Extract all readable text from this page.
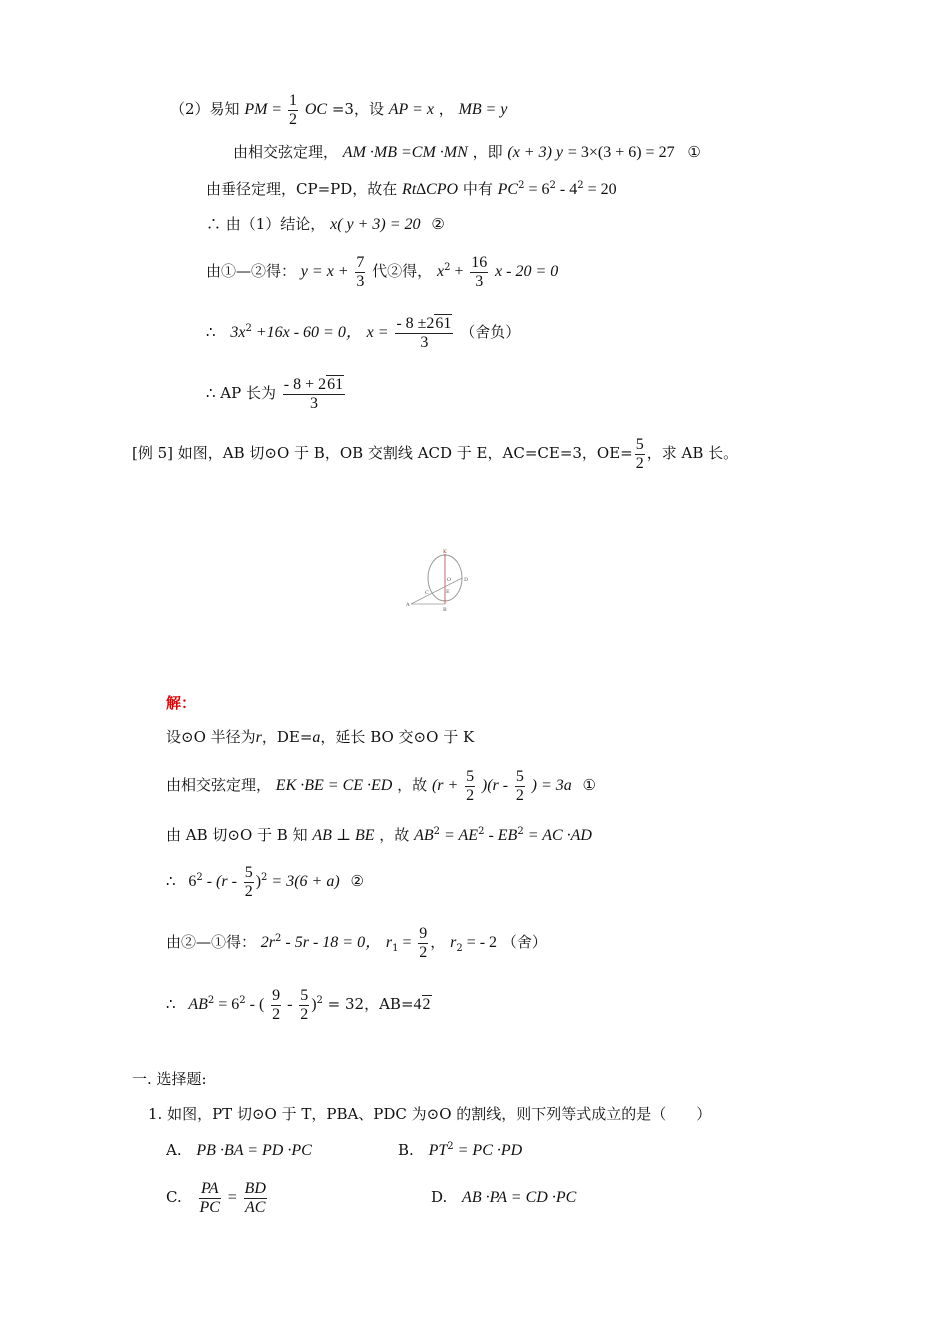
（2）易知 PM = $\frac{1}{2}$ OC =3，设 AP = x ， MB = y
由相交弦定理， AM ·MB =CM ·MN ，即 (x + 3) y = 3×(3 + 6) = 27 ①
由垂径定理，CP=PD，故在 Rt∆CPO 中有 $PC^2 = 6^2 - 4^2 = 20$
∴ 由（1）结论， x( y + 3) = 20 ②
由①—②得： $y = x + \frac{7}{3}$ 代②得， $x^2 + \frac{16}{3}$ x - 20 = 0
∴ $3x^2 +16x - 60 = 0$， $x = \frac{- 8 \pm 261}{3}$ （舍负）
∴ AP 长为 $\frac{- 8 + 261}{3}$
[例 5] 如图，AB 切⊙O 于 B，OB 交割线 ACD 于 E，AC=CE=3，$OE= \frac{5}{2}$ ，求 AB 长。
K
O	D
C	E
A
B
解：
设⊙O 半径为r，DE=a，延长 BO 交⊙O 于 K
由相交弦定理， EK ·BE = CE ·ED ，故 $(r + \frac{5}{2} )(r - \frac{5}{2}$ ) = 3a ①
由 AB 切⊙O 于 B 知 AB ⊥ BE ，故 $AB^2 = AE^2 - EB^2$ = AC ·AD
∴ $6^2 - (r - \frac{5}{2} )^2 = 3(6 + a)$ ②
由②—①得： $2r^2 - 5r - 18 = 0$， $r_1 = \frac{9}{2}$ ， $r_2$ = - 2 （舍）
∴ $AB^2 = 6^2$ - ( $\frac{9}{2} - \frac{5}{2} )^2 = 32$，AB=42
一. 选择题:
1. 如图，PT 切⊙O 于 T，PBA、PDC 为⊙O 的割线，则下列等式成立的是（　　）
A. PB ·BA = PD ·PC	B. $PT^2$ = PC ·PD
C. $\frac{PA}{PC} = \frac{BD}{AC}$	D. AB ·PA = CD ·PC
